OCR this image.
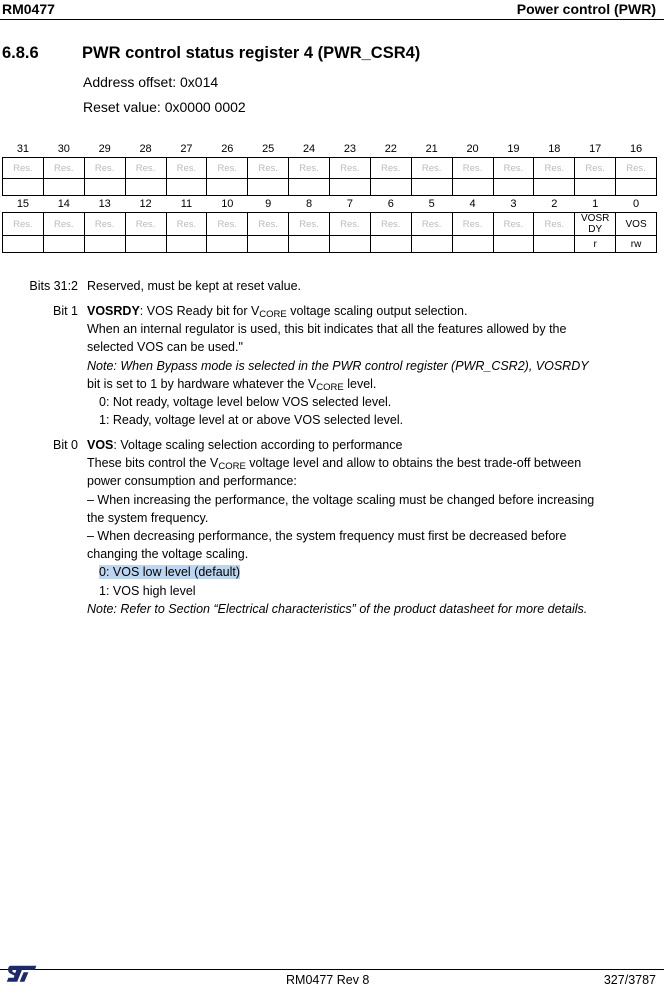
RM0477	Power control (PWR)
6.8.6	PWR control status register 4 (PWR_CSR4)
Address offset: 0x014
Reset value: 0x0000 0002
31	30	29	28	27	26	25	24	23	22	21	20	19	18	17	16
Res.	Res.	Res.	Res.	Res.	Res.	Res.	Res.	Res.	Res.	Res.	Res.	Res.	Res.	Res.	Res.

15	14	13	12	11	10	9	8	7	6	5	4	3	2	1	0
Res.	Res.	Res.	Res.	Res.	Res.	Res.	Res.	Res.	Res.	Res.	Res.	Res.	Res.	VOSR DY	VOS
														r	rw
Bits 31:2 Reserved, must be kept at reset value.
Bit 1 VOSRDY: VOS Ready bit for $V_{CORE}$ voltage scaling output selection.
When an internal regulator is used, this bit indicates that all the features allowed by the
selected VOS can be used."
Note: When Bypass mode is selected in the PWR control register (PWR_CSR2), VOSRDY
bit is set to 1 by hardware whatever the $V_{CORE}$ level.
0: Not ready, voltage level below VOS selected level.
1: Ready, voltage level at or above VOS selected level.
Bit 0 VOS: Voltage scaling selection according to performance
These bits control the $V_{CORE}$ voltage level and allow to obtains the best trade-off between
power consumption and performance:
– When increasing the performance, the voltage scaling must be changed before increasing
the system frequency.
– When decreasing performance, the system frequency must first be decreased before
changing the voltage scaling.
0: VOS low level (default)
1: VOS high level
Note: Refer to Section “Electrical characteristics” of the product datasheet for more details.
RM0477 Rev 8	327/3787
